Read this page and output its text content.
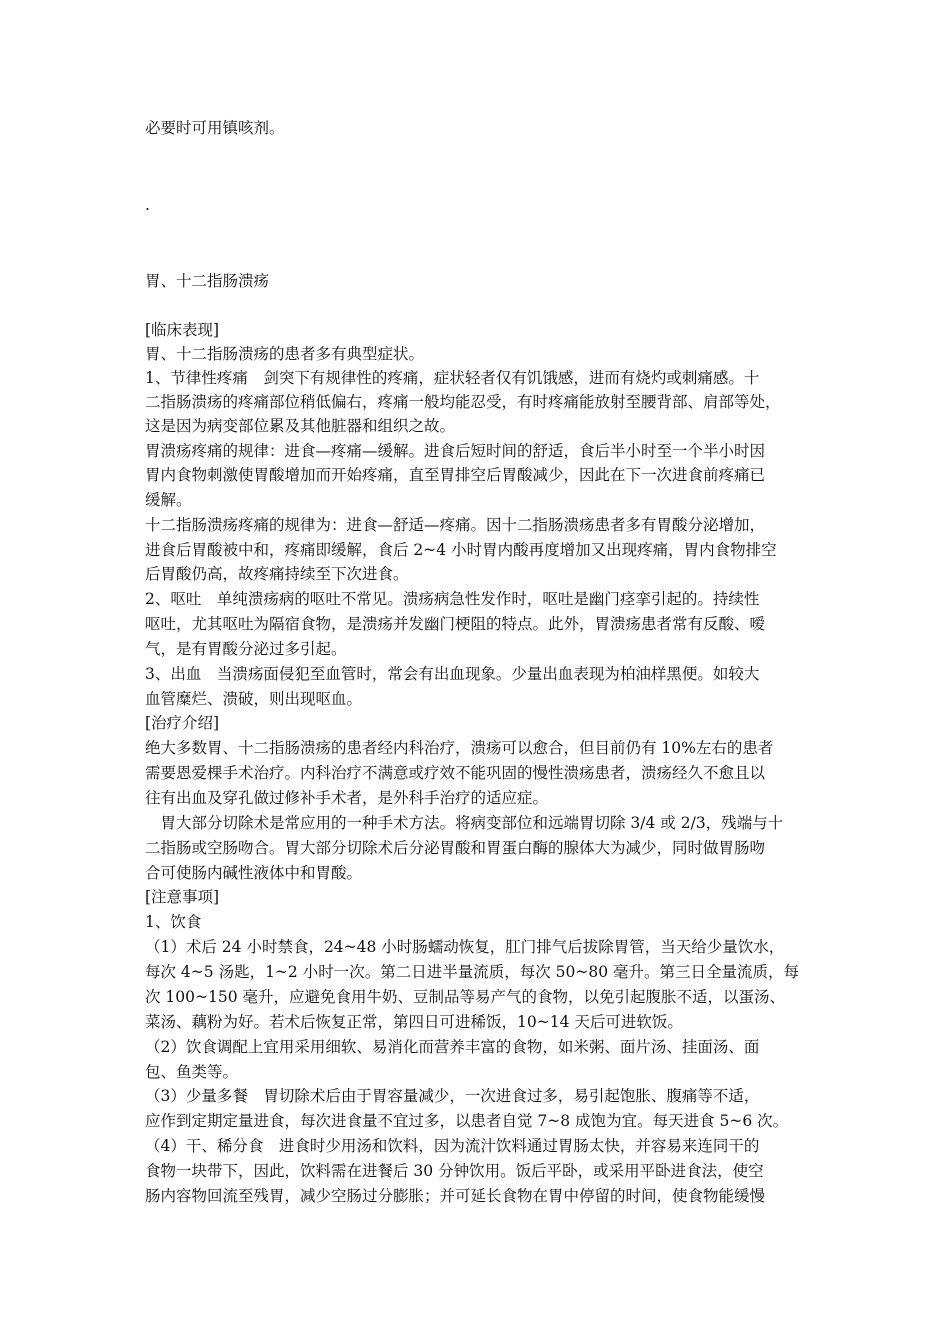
必要时可用镇咳剂。
.
胃、十二指肠溃疡
[临床表现]
胃、十二指肠溃疡的患者多有典型症状。
1、节律性疼痛　剑突下有规律性的疼痛，症状轻者仅有饥饿感，进而有烧灼或刺痛感。十
二指肠溃疡的疼痛部位稍低偏右，疼痛一般均能忍受，有时疼痛能放射至腰背部、肩部等处，
这是因为病变部位累及其他脏器和组织之故。
胃溃疡疼痛的规律：进食—疼痛—缓解。进食后短时间的舒适，食后半小时至一个半小时因
胃内食物刺激使胃酸增加而开始疼痛，直至胃排空后胃酸减少，因此在下一次进食前疼痛已
缓解。
十二指肠溃疡疼痛的规律为：进食—舒适—疼痛。因十二指肠溃疡患者多有胃酸分泌增加，
进食后胃酸被中和，疼痛即缓解，食后 2~4 小时胃内酸再度增加又出现疼痛，胃内食物排空
后胃酸仍高，故疼痛持续至下次进食。
2、呕吐　单纯溃疡病的呕吐不常见。溃疡病急性发作时，呕吐是幽门痉挛引起的。持续性
呕吐，尤其呕吐为隔宿食物，是溃疡并发幽门梗阻的特点。此外，胃溃疡患者常有反酸、嗳
气，是有胃酸分泌过多引起。
3、出血　当溃疡面侵犯至血管时，常会有出血现象。少量出血表现为柏油样黑便。如较大
血管糜烂、溃破，则出现呕血。
[治疗介绍]
绝大多数胃、十二指肠溃疡的患者经内科治疗，溃疡可以愈合，但目前仍有 10%左右的患者
需要恩爱棵手术治疗。内科治疗不满意或疗效不能巩固的慢性溃疡患者，溃疡经久不愈且以
往有出血及穿孔做过修补手术者，是外科手治疗的适应症。
　胃大部分切除术是常应用的一种手术方法。将病变部位和远端胃切除 3/4 或 2/3，残端与十
二指肠或空肠吻合。胃大部分切除术后分泌胃酸和胃蛋白酶的腺体大为减少，同时做胃肠吻
合可使肠内碱性液体中和胃酸。
[注意事项]
1、饮食
（1）术后 24 小时禁食，24~48 小时肠蠕动恢复，肛门排气后拔除胃管，当天给少量饮水，
每次 4~5 汤匙，1~2 小时一次。第二日进半量流质，每次 50~80 毫升。第三日全量流质，每
次 100~150 毫升，应避免食用牛奶、豆制品等易产气的食物，以免引起腹胀不适，以蛋汤、
菜汤、藕粉为好。若术后恢复正常，第四日可进稀饭，10~14 天后可进软饭。
（2）饮食调配上宜用采用细软、易消化而营养丰富的食物，如米粥、面片汤、挂面汤、面
包、鱼类等。
（3）少量多餐　胃切除术后由于胃容量减少，一次进食过多，易引起饱胀、腹痛等不适，
应作到定期定量进食，每次进食量不宜过多，以患者自觉 7~8 成饱为宜。每天进食 5~6 次。
（4）干、稀分食　进食时少用汤和饮料，因为流汁饮料通过胃肠太快，并容易来连同干的
食物一块带下，因此，饮料需在进餐后 30 分钟饮用。饭后平卧，或采用平卧进食法，使空
肠内容物回流至残胃，减少空肠过分膨胀；并可延长食物在胃中停留的时间，使食物能缓慢
